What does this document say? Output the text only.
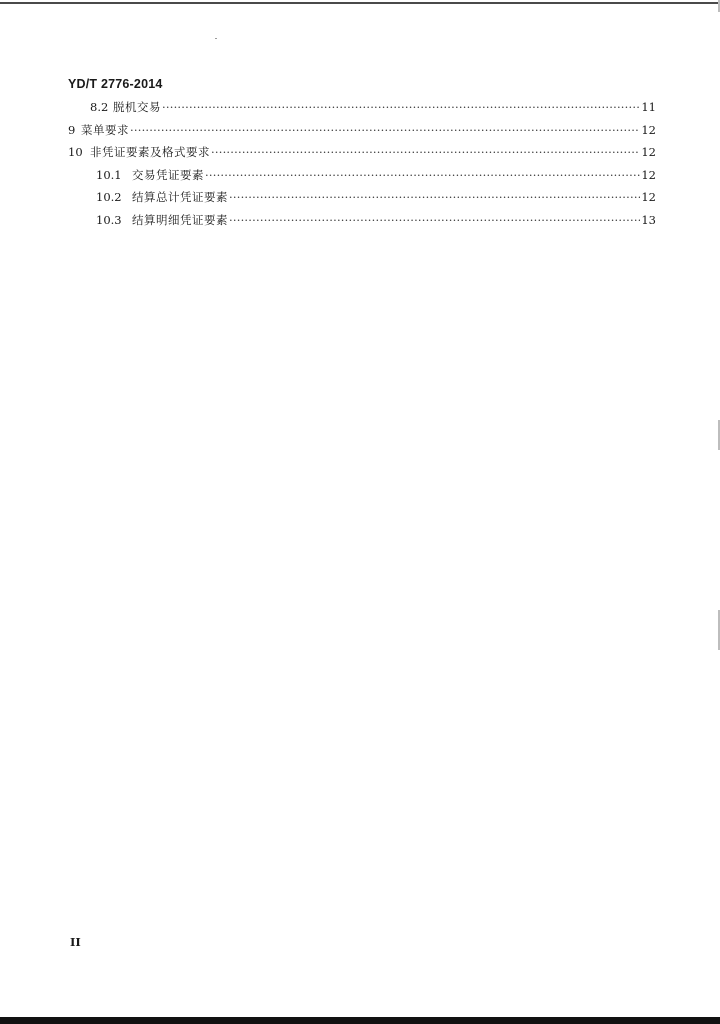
YD/T 2776-2014
8.2 脱机交易 ·····	11
9 菜单要求 ·····	12
10 非凭证要素及格式要求 ·····	12
10.1 交易凭证要素 ·····	12
10.2 结算总计凭证要素 ·····	12
10.3 结算明细凭证要素 ·····	13
II
